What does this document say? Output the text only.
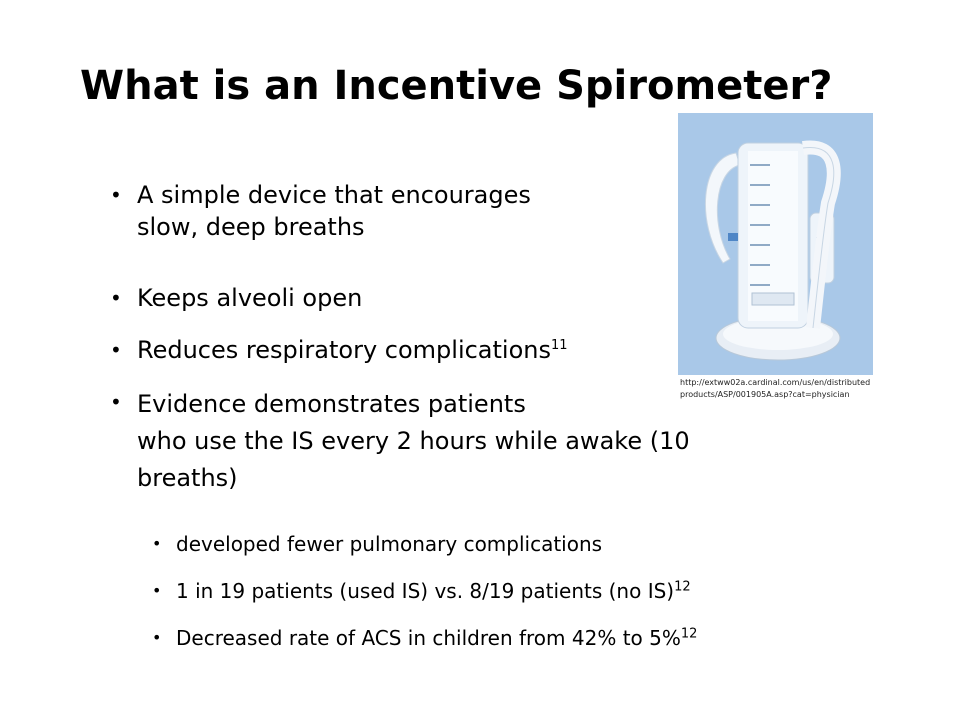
What is an Incentive Spirometer?
http://extww02a.cardinal.com/us/en/distributed
products/ASP/001905A.asp?cat=physician
• A simple device that encourages
slow, deep breaths
• Keeps alveoli open
• Reduces respiratory complications$^{11}$
• Evidence demonstrates patients
who use the IS every 2 hours while awake (10
breaths)
• developed fewer pulmonary complications
• 1 in 19 patients (used IS) vs. 8/19 patients (no IS)$^{12}$
• Decreased rate of ACS in children from 42% to 5%$^{12}$
